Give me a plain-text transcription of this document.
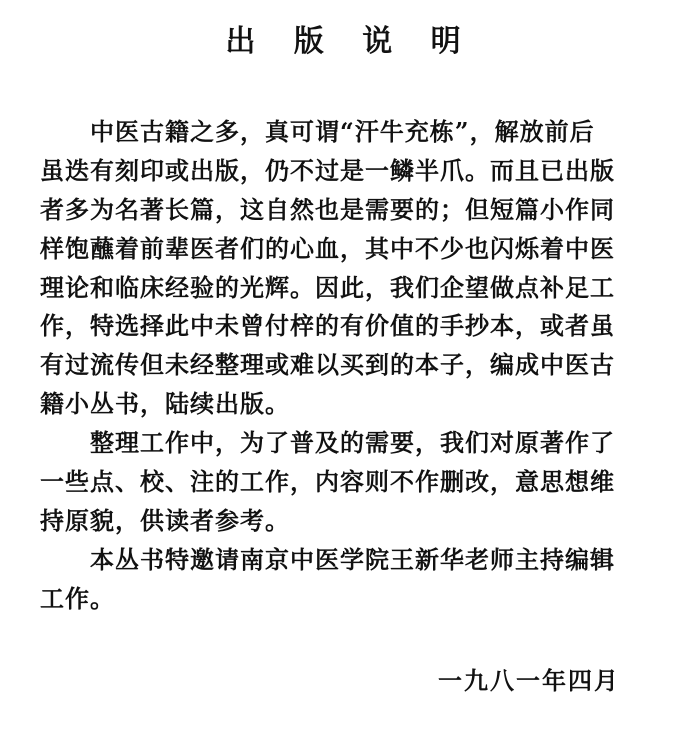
出 版 说 明
　　中医古籍之多，真可谓“汗牛充栋”，解放前后
虽迭有刻印或出版，仍不过是一鳞半爪。而且已出版
者多为名著长篇，这自然也是需要的；但短篇小作同
样饱蘸着前辈医者们的心血，其中不少也闪烁着中医
理论和临床经验的光辉。因此，我们企望做点补足工
作，特选择此中未曾付梓的有价值的手抄本，或者虽
有过流传但未经整理或难以买到的本子，编成中医古
籍小丛书，陆续出版。
　　整理工作中，为了普及的需要，我们对原著作了
一些点、校、注的工作，内容则不作删改，意思想维
持原貌，供读者参考。
　　本丛书特邀请南京中医学院王新华老师主持编辑
工作。
一九八一年四月
